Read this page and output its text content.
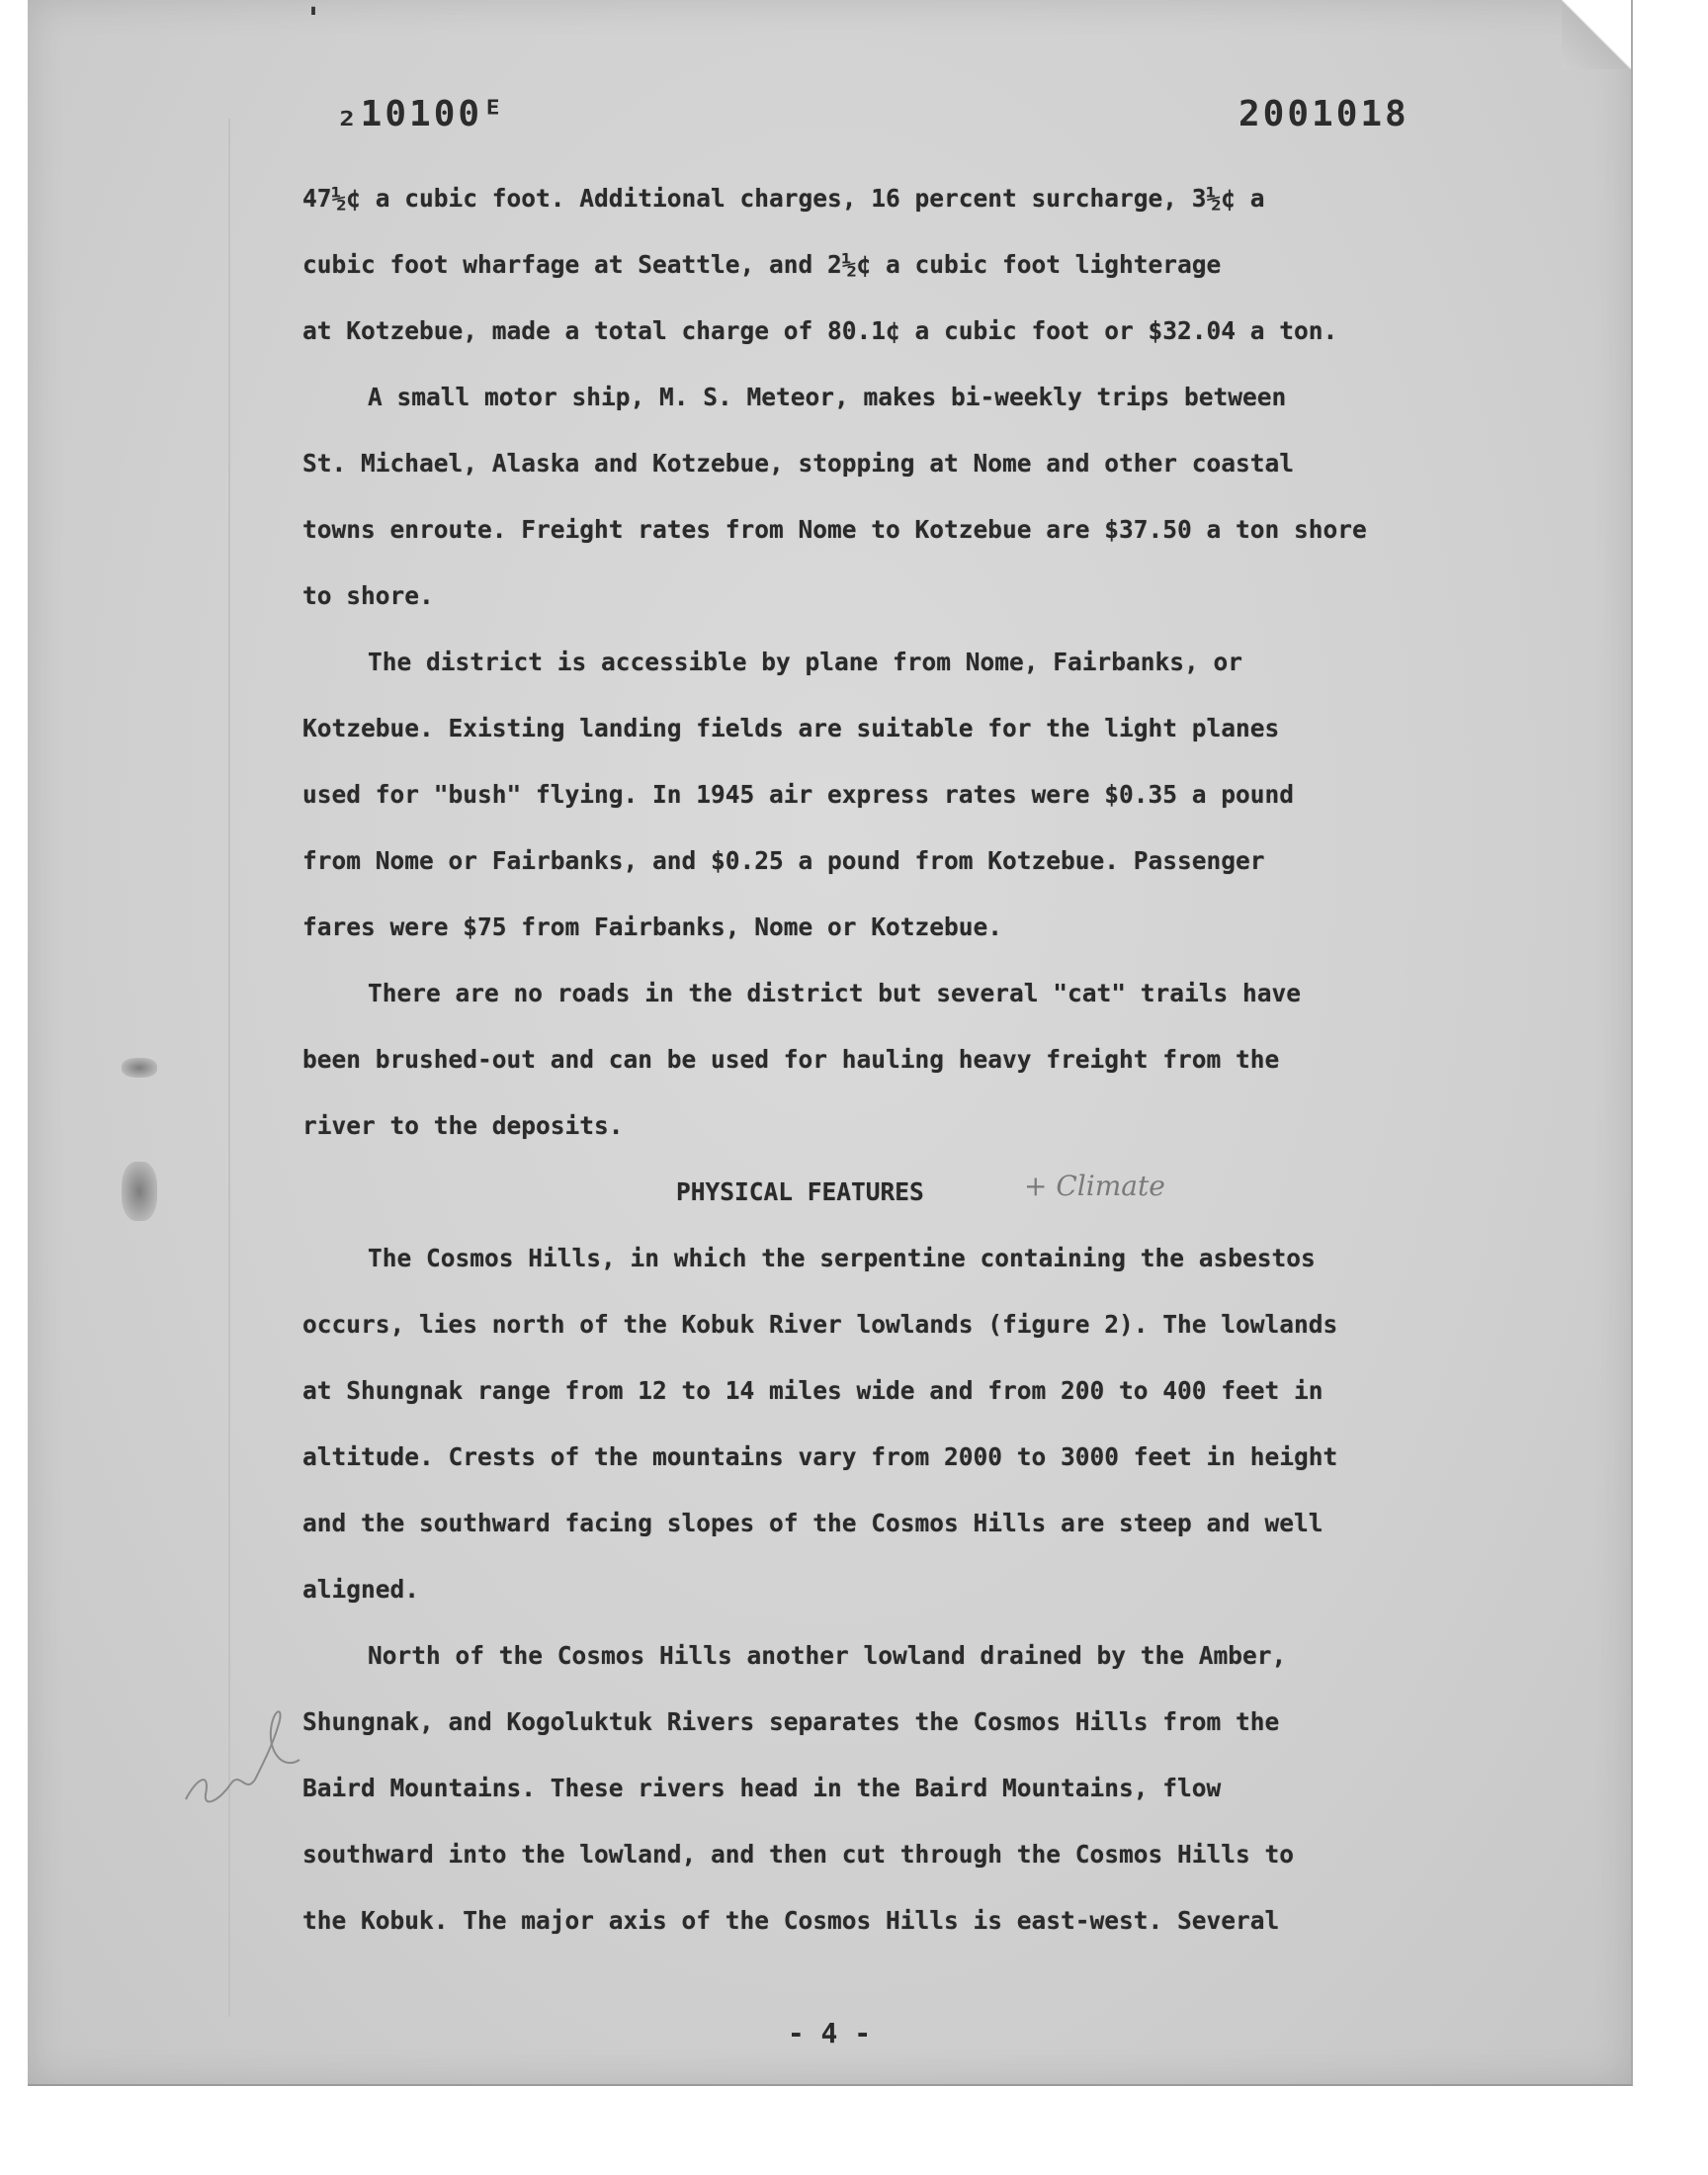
'
₂10100ᴱ	2001018
47½¢ a cubic foot. Additional charges, 16 percent surcharge, 3½¢ a
cubic foot wharfage at Seattle, and 2½¢ a cubic foot lighterage
at Kotzebue, made a total charge of 80.1¢ a cubic foot or $32.04 a ton.
A small motor ship, M. S. Meteor, makes bi-weekly trips between
St. Michael, Alaska and Kotzebue, stopping at Nome and other coastal
towns enroute. Freight rates from Nome to Kotzebue are $37.50 a ton shore
to shore.
The district is accessible by plane from Nome, Fairbanks, or
Kotzebue. Existing landing fields are suitable for the light planes
used for "bush" flying. In 1945 air express rates were $0.35 a pound
from Nome or Fairbanks, and $0.25 a pound from Kotzebue. Passenger
fares were $75 from Fairbanks, Nome or Kotzebue.
There are no roads in the district but several "cat" trails have
been brushed-out and can be used for hauling heavy freight from the
river to the deposits.
PHYSICAL FEATURES	+ Climate
The Cosmos Hills, in which the serpentine containing the asbestos
occurs, lies north of the Kobuk River lowlands (figure 2). The lowlands
at Shungnak range from 12 to 14 miles wide and from 200 to 400 feet in
altitude. Crests of the mountains vary from 2000 to 3000 feet in height
and the southward facing slopes of the Cosmos Hills are steep and well
aligned.
North of the Cosmos Hills another lowland drained by the Amber,
Shungnak, and Kogoluktuk Rivers separates the Cosmos Hills from the
Baird Mountains. These rivers head in the Baird Mountains, flow
southward into the lowland, and then cut through the Cosmos Hills to
the Kobuk. The major axis of the Cosmos Hills is east-west. Several
- 4 -
